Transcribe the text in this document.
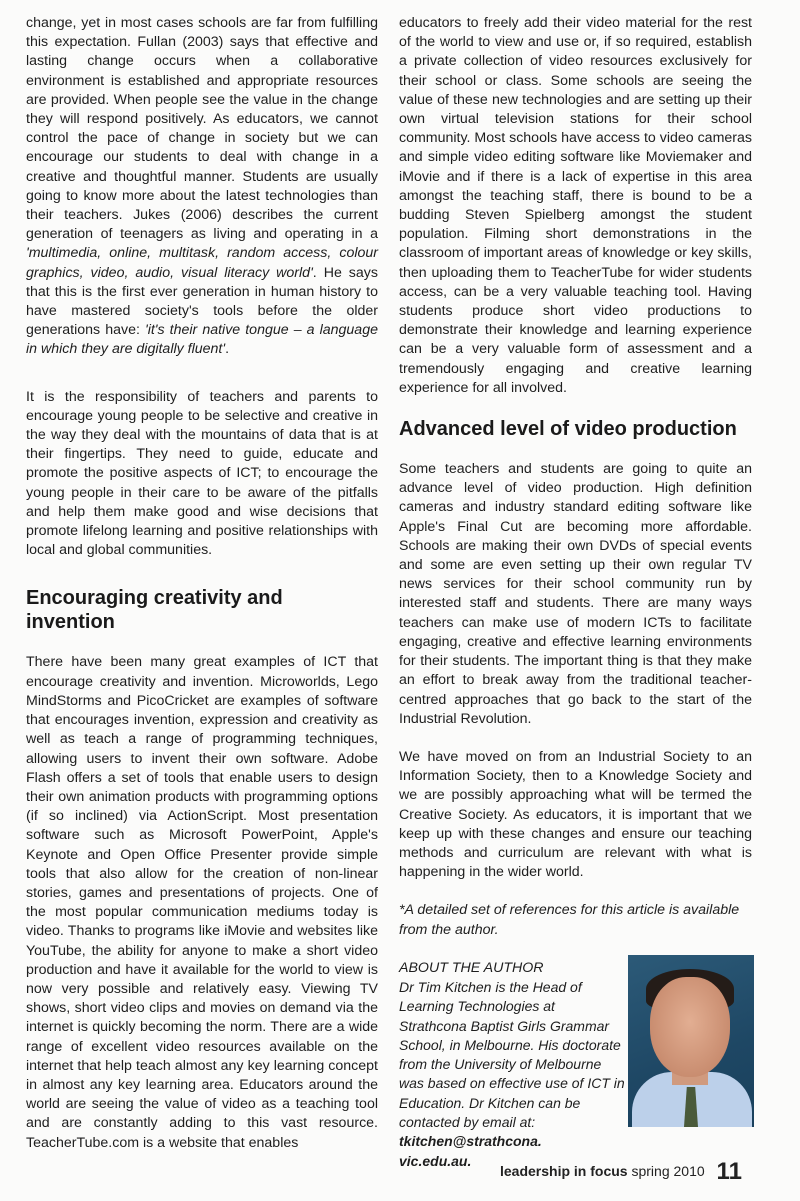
change, yet in most cases schools are far from fulfilling this expectation. Fullan (2003) says that effective and lasting change occurs when a collaborative environment is established and appropriate resources are provided. When people see the value in the change they will respond positively. As educators, we cannot control the pace of change in society but we can encourage our students to deal with change in a creative and thoughtful manner. Students are usually going to know more about the latest technologies than their teachers. Jukes (2006) describes the current generation of teenagers as living and operating in a 'multimedia, online, multitask, random access, colour graphics, video, audio, visual literacy world'. He says that this is the first ever generation in human history to have mastered society's tools before the older generations have: 'it's their native tongue – a language in which they are digitally fluent'.

It is the responsibility of teachers and parents to encourage young people to be selective and creative in the way they deal with the mountains of data that is at their fingertips. They need to guide, educate and promote the positive aspects of ICT; to encourage the young people in their care to be aware of the pitfalls and help them make good and wise decisions that promote lifelong learning and positive relationships with local and global communities.

Encouraging creativity and invention

There have been many great examples of ICT that encourage creativity and invention. Microworlds, Lego MindStorms and PicoCricket are examples of software that encourages invention, expression and creativity as well as teach a range of programming techniques, allowing users to invent their own software. Adobe Flash offers a set of tools that enable users to design their own animation products with programming options (if so inclined) via ActionScript. Most presentation software such as Microsoft PowerPoint, Apple's Keynote and Open Office Presenter provide simple tools that also allow for the creation of non-linear stories, games and presentations of projects. One of the most popular communication mediums today is video. Thanks to programs like iMovie and websites like YouTube, the ability for anyone to make a short video production and have it available for the world to view is now very possible and relatively easy. Viewing TV shows, short video clips and movies on demand via the internet is quickly becoming the norm. There are a wide range of excellent video resources available on the internet that help teach almost any key learning concept in almost any key learning area. Educators around the world are seeing the value of video as a teaching tool and are constantly adding to this vast resource. TeacherTube.com is a website that enables

educators to freely add their video material for the rest of the world to view and use or, if so required, establish a private collection of video resources exclusively for their school or class. Some schools are seeing the value of these new technologies and are setting up their own virtual television stations for their school community. Most schools have access to video cameras and simple video editing software like Moviemaker and iMovie and if there is a lack of expertise in this area amongst the teaching staff, there is bound to be a budding Steven Spielberg amongst the student population. Filming short demonstrations in the classroom of important areas of knowledge or key skills, then uploading them to TeacherTube for wider students access, can be a very valuable teaching tool. Having students produce short video productions to demonstrate their knowledge and learning experience can be a very valuable form of assessment and a tremendously engaging and creative learning experience for all involved.

Advanced level of video production

Some teachers and students are going to quite an advance level of video production. High definition cameras and industry standard editing software like Apple's Final Cut are becoming more affordable. Schools are making their own DVDs of special events and some are even setting up their own regular TV news services for their school community run by interested staff and students. There are many ways teachers can make use of modern ICTs to facilitate engaging, creative and effective learning environments for their students. The important thing is that they make an effort to break away from the traditional teacher-centred approaches that go back to the start of the Industrial Revolution.

We have moved on from an Industrial Society to an Information Society, then to a Knowledge Society and we are possibly approaching what will be termed the Creative Society. As educators, it is important that we keep up with these changes and ensure our teaching methods and curriculum are relevant with what is happening in the wider world.

*A detailed set of references for this article is available from the author.

ABOUT THE AUTHOR
Dr Tim Kitchen is the Head of Learning Technologies at Strathcona Baptist Girls Grammar School, in Melbourne. His doctorate from the University of Melbourne was based on effective use of ICT in Education. Dr Kitchen can be contacted by email at: tkitchen@strathcona.
vic.edu.au.
leadership in focus spring 2010 11
